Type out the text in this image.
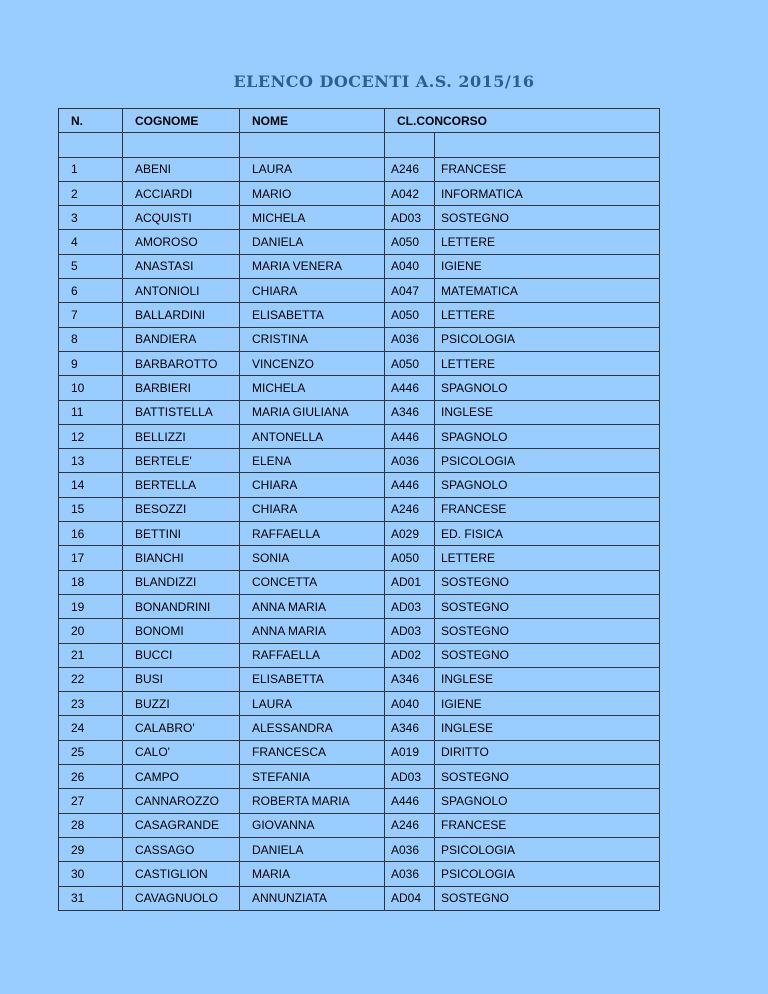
ELENCO DOCENTI A.S. 2015/16
N.	COGNOME	NOME	CL.CONCORSO	

1	ABENI	LAURA	A246	FRANCESE
2	ACCIARDI	MARIO	A042	INFORMATICA
3	ACQUISTI	MICHELA	AD03	SOSTEGNO
4	AMOROSO	DANIELA	A050	LETTERE
5	ANASTASI	MARIA VENERA	A040	IGIENE
6	ANTONIOLI	CHIARA	A047	MATEMATICA
7	BALLARDINI	ELISABETTA	A050	LETTERE
8	BANDIERA	CRISTINA	A036	PSICOLOGIA
9	BARBAROTTO	VINCENZO	A050	LETTERE
10	BARBIERI	MICHELA	A446	SPAGNOLO
11	BATTISTELLA	MARIA GIULIANA	A346	INGLESE
12	BELLIZZI	ANTONELLA	A446	SPAGNOLO
13	BERTELE'	ELENA	A036	PSICOLOGIA
14	BERTELLA	CHIARA	A446	SPAGNOLO
15	BESOZZI	CHIARA	A246	FRANCESE
16	BETTINI	RAFFAELLA	A029	ED. FISICA
17	BIANCHI	SONIA	A050	LETTERE
18	BLANDIZZI	CONCETTA	AD01	SOSTEGNO
19	BONANDRINI	ANNA MARIA	AD03	SOSTEGNO
20	BONOMI	ANNA MARIA	AD03	SOSTEGNO
21	BUCCI	RAFFAELLA	AD02	SOSTEGNO
22	BUSI	ELISABETTA	A346	INGLESE
23	BUZZI	LAURA	A040	IGIENE
24	CALABRO'	ALESSANDRA	A346	INGLESE
25	CALO'	FRANCESCA	A019	DIRITTO
26	CAMPO	STEFANIA	AD03	SOSTEGNO
27	CANNAROZZO	ROBERTA MARIA	A446	SPAGNOLO
28	CASAGRANDE	GIOVANNA	A246	FRANCESE
29	CASSAGO	DANIELA	A036	PSICOLOGIA
30	CASTIGLION	MARIA	A036	PSICOLOGIA
31	CAVAGNUOLO	ANNUNZIATA	AD04	SOSTEGNO
